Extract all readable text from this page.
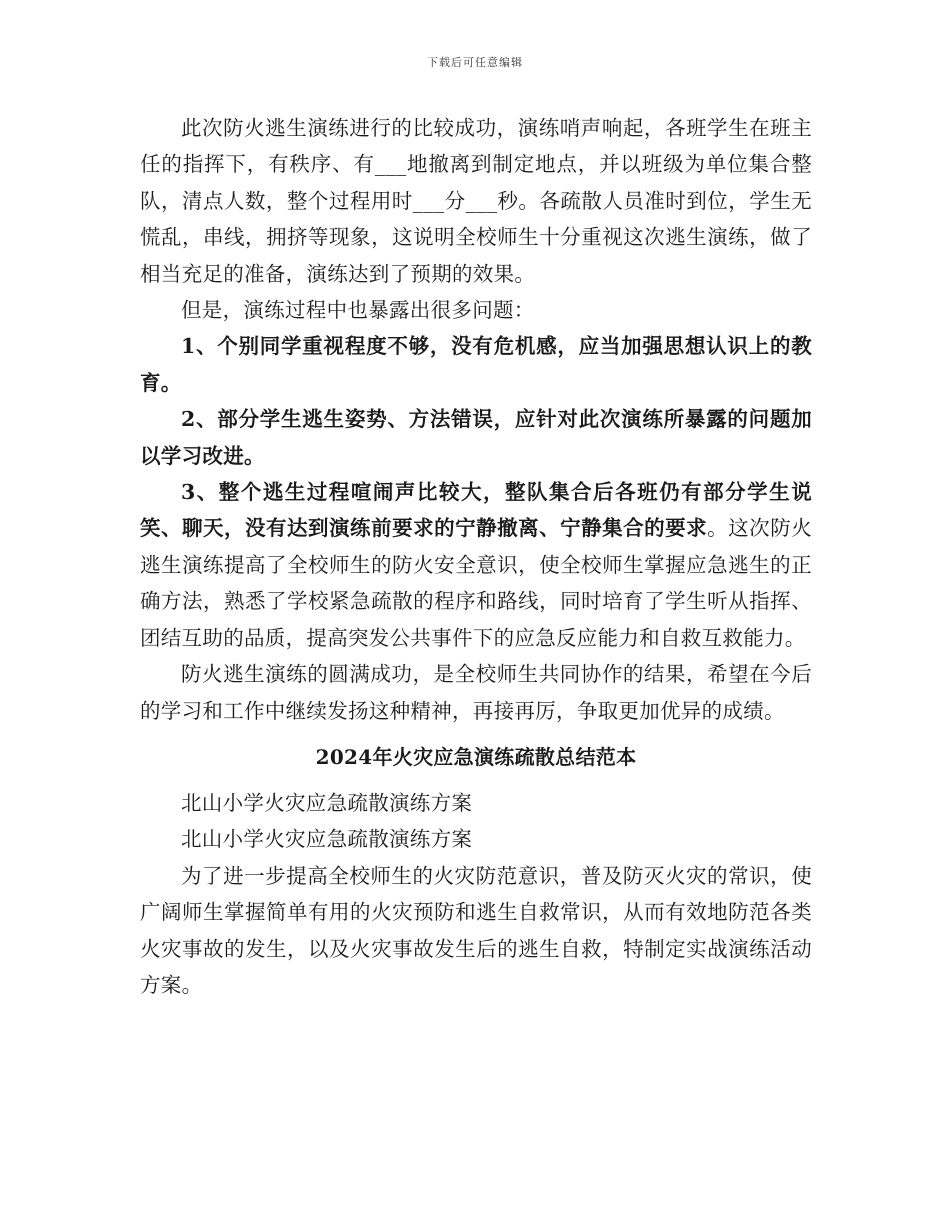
下载后可任意编辑

此次防火逃生演练进行的比较成功，演练哨声响起，各班学生在班主任的指挥下，有秩序、有___地撤离到制定地点，并以班级为单位集合整队，清点人数，整个过程用时___分___秒。各疏散人员准时到位，学生无慌乱，串线，拥挤等现象，这说明全校师生十分重视这次逃生演练，做了相当充足的准备，演练达到了预期的效果。

但是，演练过程中也暴露出很多问题：

1、个别同学重视程度不够，没有危机感，应当加强思想认识上的教育。

2、部分学生逃生姿势、方法错误，应针对此次演练所暴露的问题加以学习改进。

3、整个逃生过程喧闹声比较大，整队集合后各班仍有部分学生说笑、聊天，没有达到演练前要求的宁静撤离、宁静集合的要求。这次防火逃生演练提高了全校师生的防火安全意识，使全校师生掌握应急逃生的正确方法，熟悉了学校紧急疏散的程序和路线，同时培育了学生听从指挥、团结互助的品质，提高突发公共事件下的应急反应能力和自救互救能力。

防火逃生演练的圆满成功，是全校师生共同协作的结果，希望在今后的学习和工作中继续发扬这种精神，再接再厉，争取更加优异的成绩。

2024年火灾应急演练疏散总结范本

北山小学火灾应急疏散演练方案

北山小学火灾应急疏散演练方案

为了进一步提高全校师生的火灾防范意识，普及防灭火灾的常识，使广阔师生掌握简单有用的火灾预防和逃生自救常识，从而有效地防范各类火灾事故的发生，以及火灾事故发生后的逃生自救，特制定实战演练活动方案。
